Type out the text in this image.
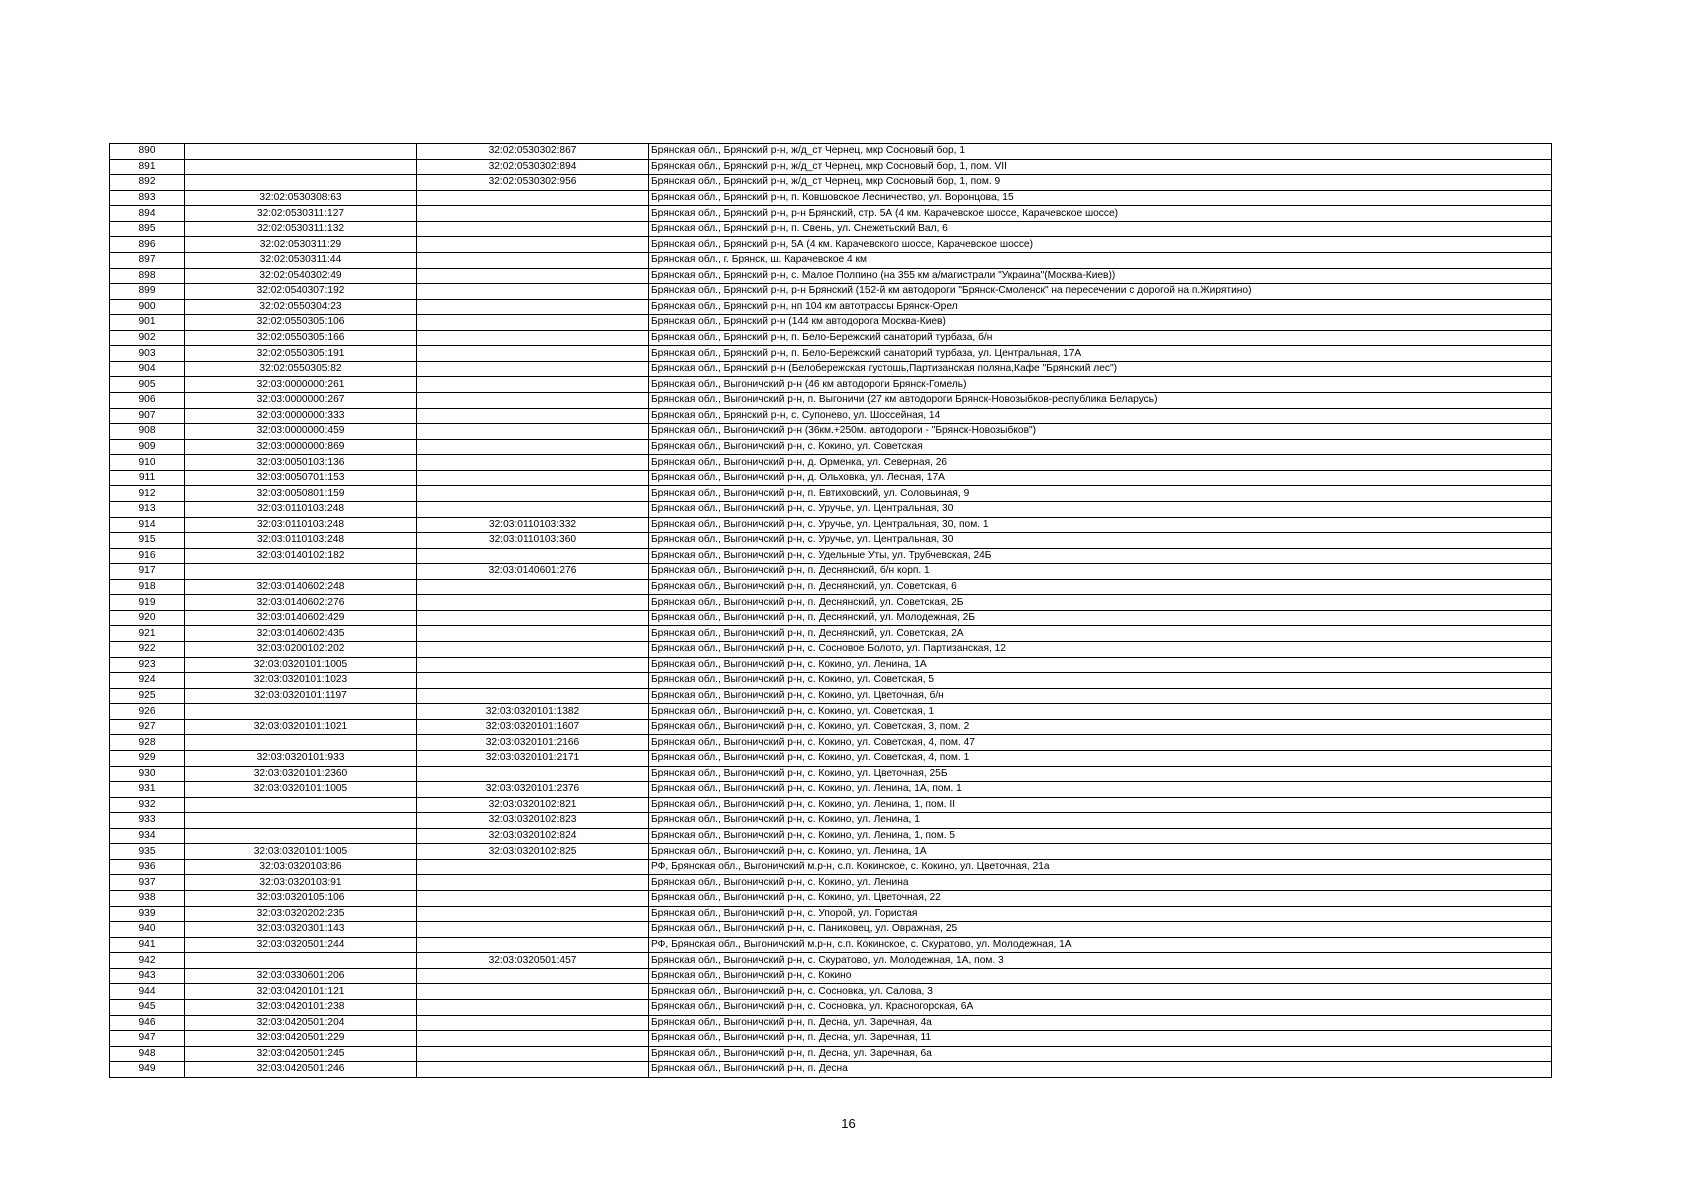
890		32:02:0530302:867	Брянская обл., Брянский р-н, ж/д_ст Чернец, мкр Сосновый бор, 1
891		32:02:0530302:894	Брянская обл., Брянский р-н, ж/д_ст Чернец, мкр Сосновый бор, 1, пом. VII
892		32:02:0530302:956	Брянская обл., Брянский р-н, ж/д_ст Чернец, мкр Сосновый бор, 1, пом. 9
893	32:02:0530308:63		Брянская обл., Брянский р-н, п. Ковшовское Лесничество, ул. Воронцова, 15
894	32:02:0530311:127		Брянская обл., Брянский р-н, р-н Брянский, стр. 5А (4 км. Карачевское шоссе, Карачевское шоссе)
895	32:02:0530311:132		Брянская обл., Брянский р-н, п. Свень, ул. Снежетьский Вал, 6
896	32:02:0530311:29		Брянская обл., Брянский р-н, 5А (4 км. Карачевского шоссе, Карачевское шоссе)
897	32:02:0530311:44		Брянская обл., г. Брянск, ш. Карачевское 4 км
898	32:02:0540302:49		Брянская обл., Брянский р-н, с. Малое Полпино (на 355 км а/магистрали "Украина"(Москва-Киев))
899	32:02:0540307:192		Брянская обл., Брянский р-н, р-н Брянский (152-й км автодороги "Брянск-Смоленск" на пересечении с дорогой на п.Жирятино)
900	32:02:0550304:23		Брянская обл., Брянский р-н, нп 104 км автотрассы Брянск-Орел
901	32:02:0550305:106		Брянская обл., Брянский р-н (144 км автодорога Москва-Киев)
902	32:02:0550305:166		Брянская обл., Брянский р-н, п. Бело-Бережский санаторий турбаза, б/н
903	32:02:0550305:191		Брянская обл., Брянский р-н, п. Бело-Бережский санаторий турбаза, ул. Центральная, 17А
904	32:02:0550305:82		Брянская обл., Брянский р-н (Белобережская густошь,Партизанская поляна,Кафе "Брянский лес")
905	32:03:0000000:261		Брянская обл., Выгоничский р-н (46 км автодороги Брянск-Гомель)
906	32:03:0000000:267		Брянская обл., Выгоничский р-н, п. Выгоничи (27 км автодороги Брянск-Новозыбков-республика Беларусь)
907	32:03:0000000:333		Брянская обл., Брянский р-н, с. Супонево, ул. Шоссейная, 14
908	32:03:0000000:459		Брянская обл., Выгоничский р-н (36км.+250м. автодороги - "Брянск-Новозыбков")
909	32:03:0000000:869		Брянская обл., Выгоничский р-н, с. Кокино, ул. Советская
910	32:03:0050103:136		Брянская обл., Выгоничский р-н, д. Орменка, ул. Северная, 26
911	32:03:0050701:153		Брянская обл., Выгоничский р-н, д. Ольховка, ул. Лесная, 17А
912	32:03:0050801:159		Брянская обл., Выгоничский р-н, п. Евтиховский, ул. Соловьиная, 9
913	32:03:0110103:248		Брянская обл., Выгоничский р-н, с. Уручье, ул. Центральная, 30
914	32:03:0110103:248	32:03:0110103:332	Брянская обл., Выгоничский р-н, с. Уручье, ул. Центральная, 30, пом. 1
915	32:03:0110103:248	32:03:0110103:360	Брянская обл., Выгоничский р-н, с. Уручье, ул. Центральная, 30
916	32:03:0140102:182		Брянская обл., Выгоничский р-н, с. Удельные Уты, ул. Трубчевская, 24Б
917		32:03:0140601:276	Брянская обл., Выгоничский р-н, п. Деснянский, б/н корп. 1
918	32:03:0140602:248		Брянская обл., Выгоничский р-н, п. Деснянский, ул. Советская, 6
919	32:03:0140602:276		Брянская обл., Выгоничский р-н, п. Деснянский, ул. Советская, 2Б
920	32:03:0140602:429		Брянская обл., Выгоничский р-н, п. Деснянский, ул. Молодежная, 2Б
921	32:03:0140602:435		Брянская обл., Выгоничский р-н, п. Деснянский, ул. Советская, 2А
922	32:03:0200102:202		Брянская обл., Выгоничский р-н, с. Сосновое Болото, ул. Партизанская, 12
923	32:03:0320101:1005		Брянская обл., Выгоничский р-н, с. Кокино, ул. Ленина, 1А
924	32:03:0320101:1023		Брянская обл., Выгоничский р-н, с. Кокино, ул. Советская, 5
925	32:03:0320101:1197		Брянская обл., Выгоничский р-н, с. Кокино, ул. Цветочная, б/н
926		32:03:0320101:1382	Брянская обл., Выгоничский р-н, с. Кокино, ул. Советская, 1
927	32:03:0320101:1021	32:03:0320101:1607	Брянская обл., Выгоничский р-н, с. Кокино, ул. Советская, 3, пом. 2
928		32:03:0320101:2166	Брянская обл., Выгоничский р-н, с. Кокино, ул. Советская, 4, пом. 47
929	32:03:0320101:933	32:03:0320101:2171	Брянская обл., Выгоничский р-н, с. Кокино, ул. Советская, 4, пом. 1
930	32:03:0320101:2360		Брянская обл., Выгоничский р-н, с. Кокино, ул. Цветочная, 25Б
931	32:03:0320101:1005	32:03:0320101:2376	Брянская обл., Выгоничский р-н, с. Кокино, ул. Ленина, 1А, пом. 1
932		32:03:0320102:821	Брянская обл., Выгоничский р-н, с. Кокино, ул. Ленина, 1, пом. II
933		32:03:0320102:823	Брянская обл., Выгоничский р-н, с. Кокино, ул. Ленина, 1
934		32:03:0320102:824	Брянская обл., Выгоничский р-н, с. Кокино, ул. Ленина, 1, пом. 5
935	32:03:0320101:1005	32:03:0320102:825	Брянская обл., Выгоничский р-н, с. Кокино, ул. Ленина, 1А
936	32:03:0320103:86		РФ, Брянская обл., Выгоничский м.р-н, с.п. Кокинское, с. Кокино, ул. Цветочная, 21а
937	32:03:0320103:91		Брянская обл., Выгоничский р-н, с. Кокино, ул. Ленина
938	32:03:0320105:106		Брянская обл., Выгоничский р-н, с. Кокино, ул. Цветочная, 22
939	32:03:0320202:235		Брянская обл., Выгоничский р-н, с. Упорой, ул. Гористая
940	32:03:0320301:143		Брянская обл., Выгоничский р-н, с. Паниковец, ул. Овражная, 25
941	32:03:0320501:244		РФ, Брянская обл., Выгоничский м.р-н, с.п. Кокинское, с. Скуратово, ул. Молодежная, 1А
942		32:03:0320501:457	Брянская обл., Выгоничский р-н, с. Скуратово, ул. Молодежная, 1А, пом. 3
943	32:03:0330601:206		Брянская обл., Выгоничский р-н, с. Кокино
944	32:03:0420101:121		Брянская обл., Выгоничский р-н, с. Сосновка, ул. Салова, 3
945	32:03:0420101:238		Брянская обл., Выгоничский р-н, с. Сосновка, ул. Красногорская, 6А
946	32:03:0420501:204		Брянская обл., Выгоничский р-н, п. Десна, ул. Заречная, 4а
947	32:03:0420501:229		Брянская обл., Выгоничский р-н, п. Десна, ул. Заречная, 11
948	32:03:0420501:245		Брянская обл., Выгоничский р-н, п. Десна, ул. Заречная, 6а
949	32:03:0420501:246		Брянская обл., Выгоничский р-н, п. Десна
16
